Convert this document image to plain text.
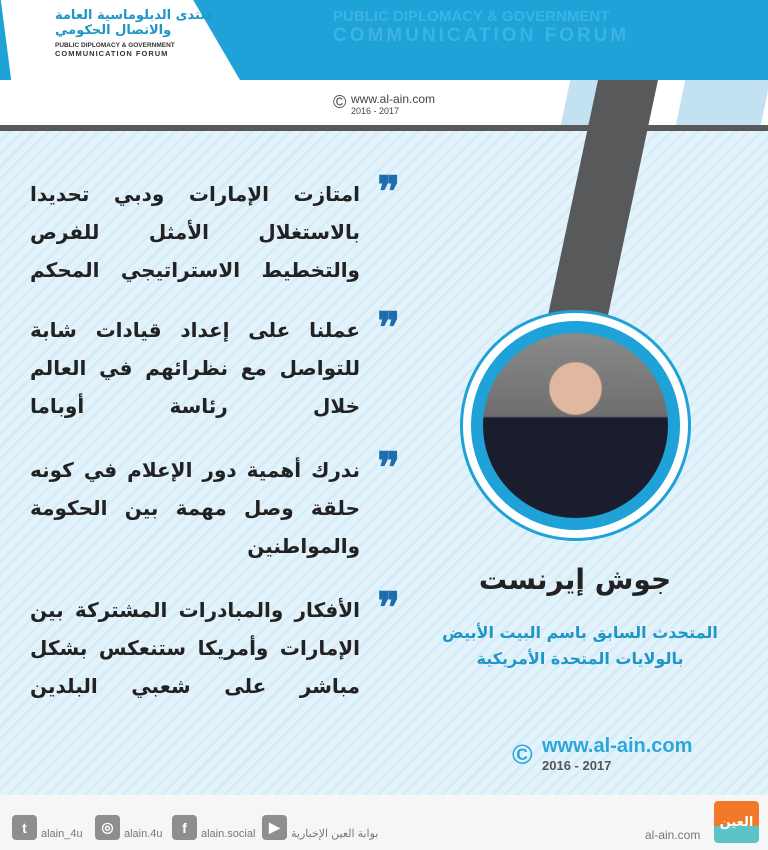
منتدى الدبلوماسية العامة
والاتصال الحكومي
PUBLIC DIPLOMACY & GOVERNMENT
COMMUNICATION FORUM
PUBLIC DIPLOMACY & GOVERNMENT
COMMUNICATION FORUM
© www.al-ain.com
2016 - 2017
❞
امتازت الإمارات ودبي تحديدا بالاستغلال الأمثل للفرص والتخطيط الاستراتيجي المحكم
❞
عملنا على إعداد قيادات شابة للتواصل مع نظرائهم في العالم خلال رئاسة أوباما
❞
ندرك أهمية دور الإعلام في كونه حلقة وصل مهمة بين الحكومة والمواطنين
❞
الأفكار والمبادرات المشتركة بين الإمارات وأمريكا ستنعكس بشكل مباشر على شعبي البلدين
جوش إيرنست
المتحدث السابق باسم البيت الأبيض
بالولايات المتحدة الأمريكية
© www.al-ain.com
2016 - 2017
t	alain_4u	◎ alain.4u	f	alain.social ▶	بوابة العين الإخبارية	al-ain.com
العين
